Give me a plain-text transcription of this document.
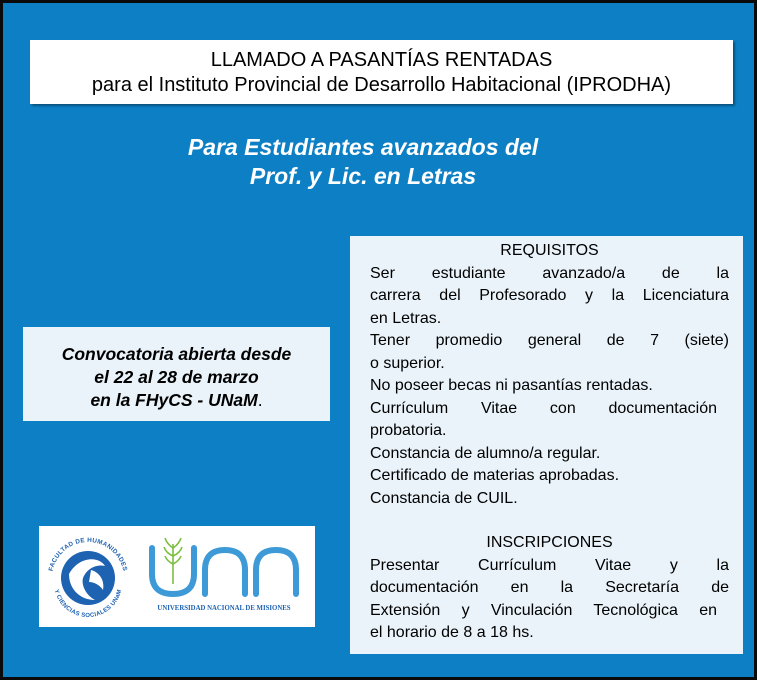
LLAMADO A PASANTÍAS RENTADAS
para el Instituto Provincial de Desarrollo Habitacional (IPRODHA)
Para Estudiantes avanzados del
Prof. y Lic. en Letras
Convocatoria abierta desde
el 22 al 28 de marzo
en la FHyCS - UNaM.
REQUISITOS
Ser estudiante avanzado/a de la
carrera del Profesorado y la Licenciatura
en Letras.
Tener promedio general de 7 (siete)
o superior.
No poseer becas ni pasantías rentadas.
Currículum Vitae con documentación
probatoria.
Constancia de alumno/a regular.
Certificado de materias aprobadas.
Constancia de CUIL.
INSCRIPCIONES
Presentar Currículum Vitae y la
documentación en la Secretaría de
Extensión y Vinculación Tecnológica en
el horario de 8 a 18 hs.
FACULTAD DE HUMANIDADES
Y CIENCIAS SOCIALES UNaM
UNIVERSIDAD NACIONAL DE MISIONES
